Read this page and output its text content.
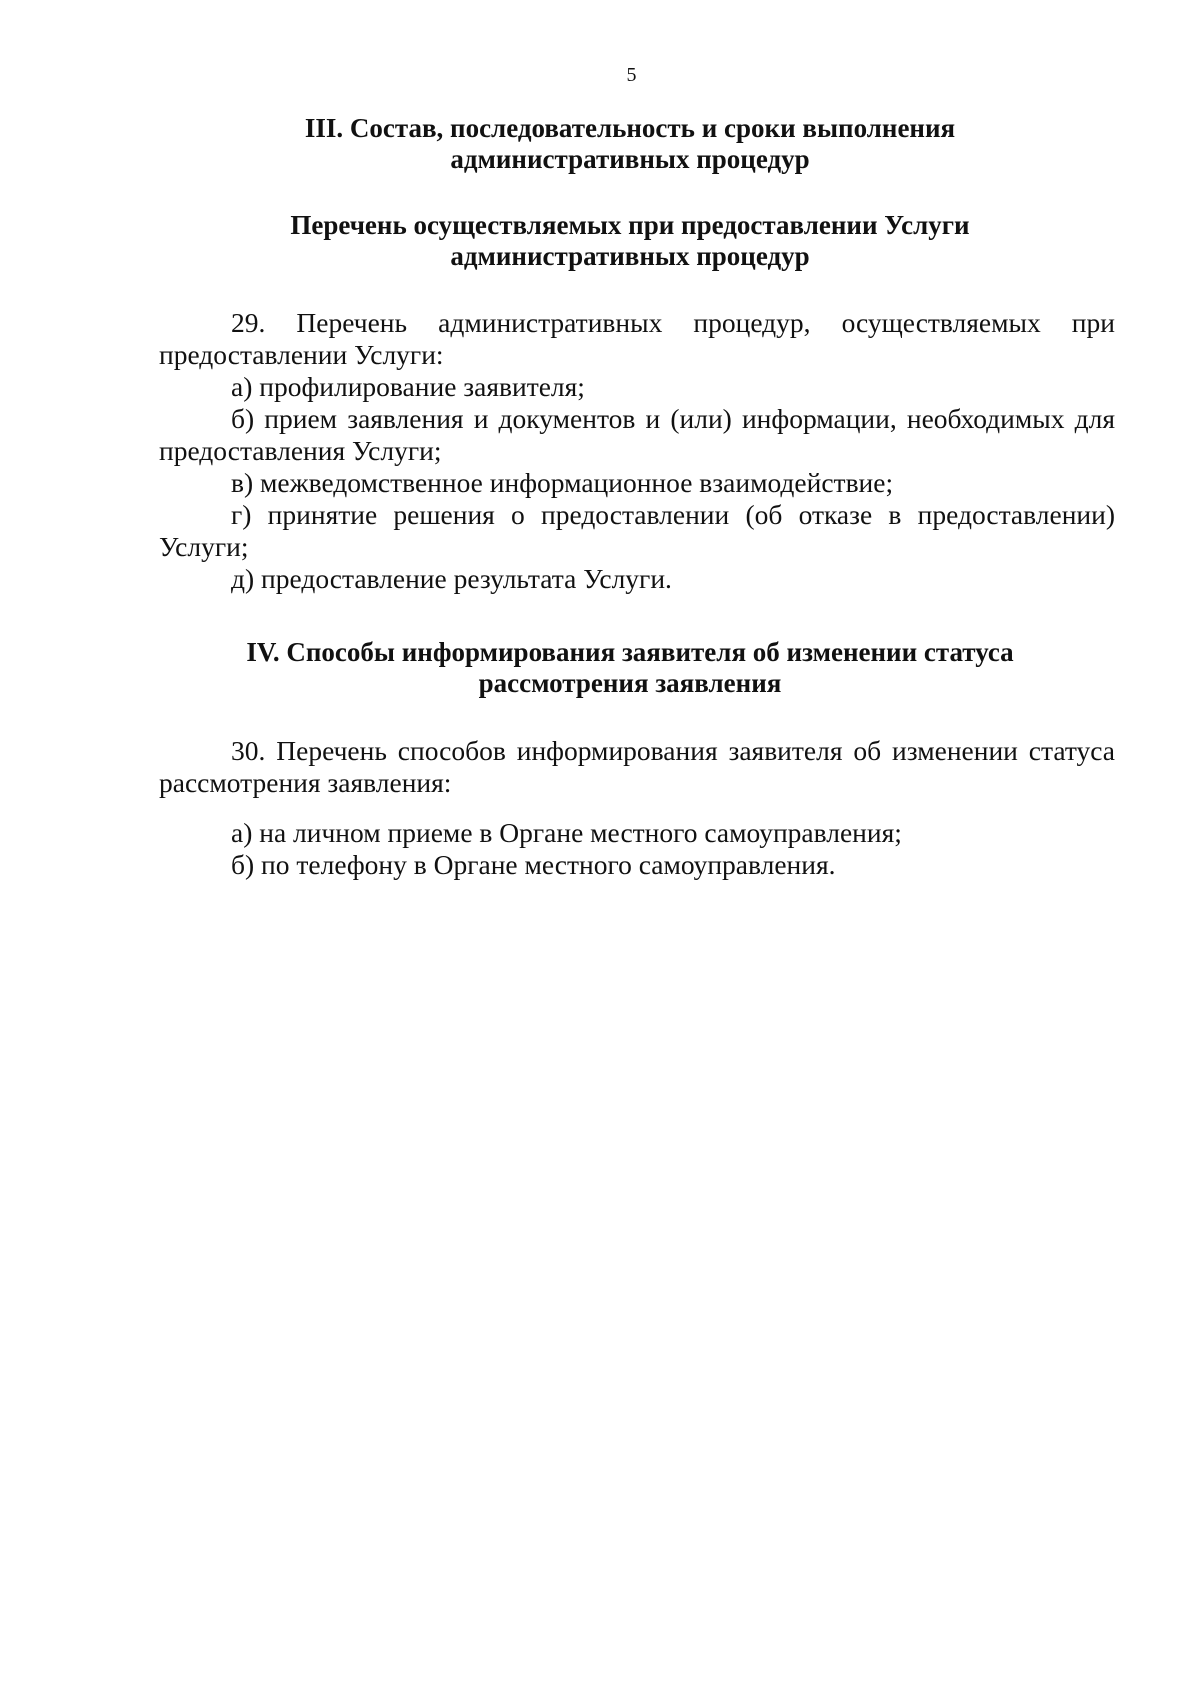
5
III. Состав, последовательность и сроки выполнения
административных процедур
Перечень осуществляемых при предоставлении Услуги
административных процедур

29. Перечень административных процедур, осуществляемых при предоставлении Услуги:

а) профилирование заявителя;

б) прием заявления и документов и (или) информации, необходимых для предоставления Услуги;

в) межведомственное информационное взаимодействие;

г) принятие решения о предоставлении (об отказе в предоставлении) Услуги;

д) предоставление результата Услуги.

IV. Способы информирования заявителя об изменении статуса
рассмотрения заявления

30. Перечень способов информирования заявителя об изменении статуса рассмотрения заявления:

а) на личном приеме в Органе местного самоуправления;

б) по телефону в Органе местного самоуправления.
